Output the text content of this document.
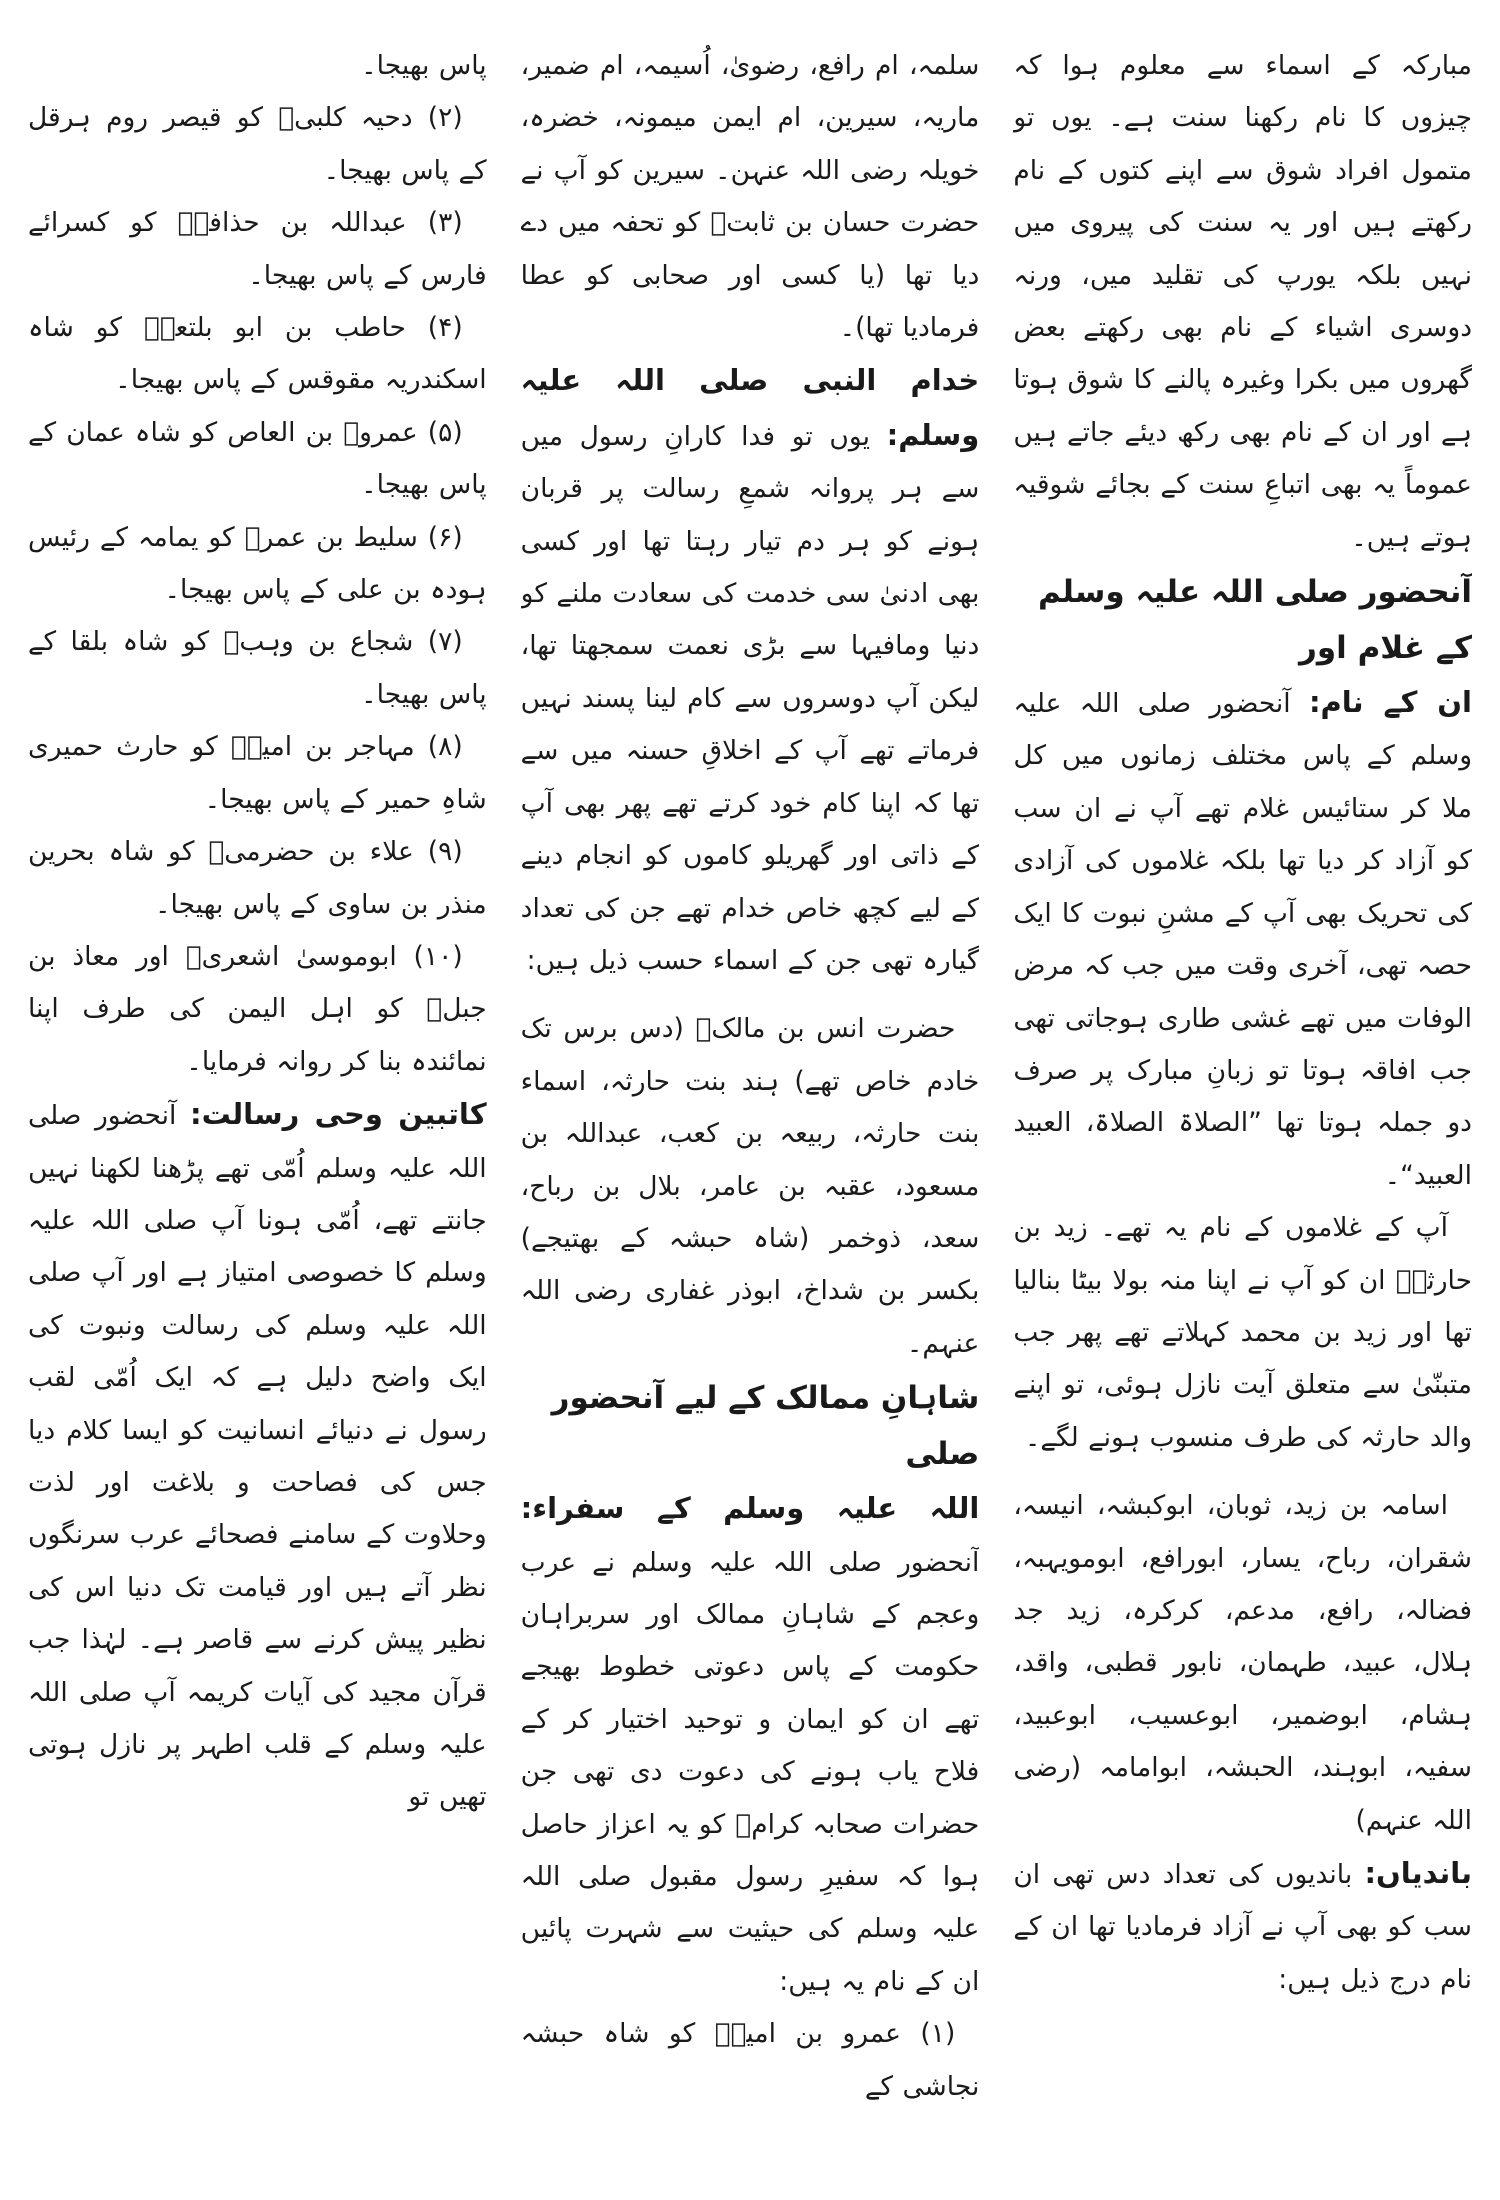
مبارکہ کے اسماء سے معلوم ہوا کہ چیزوں کا نام رکھنا سنت ہے۔ یوں تو متمول افراد شوق سے اپنے کتوں کے نام رکھتے ہیں اور یہ سنت کی پیروی میں نہیں بلکہ یورپ کی تقلید میں، ورنہ دوسری اشیاء کے نام بھی رکھتے بعض گھروں میں بکرا وغیرہ پالنے کا شوق ہوتا ہے اور ان کے نام بھی رکھ دیئے جاتے ہیں عموماً یہ بھی اتباعِ سنت کے بجائے شوقیہ ہوتے ہیں۔

آنحضور صلی اللہ علیہ وسلم کے غلام اور

ان کے نام: آنحضور صلی اللہ علیہ وسلم کے پاس مختلف زمانوں میں کل ملا کر ستائیس غلام تھے آپ نے ان سب کو آزاد کر دیا تھا بلکہ غلاموں کی آزادی کی تحریک بھی آپ کے مشنِ نبوت کا ایک حصہ تھی، آخری وقت میں جب کہ مرض الوفات میں تھے غشی طاری ہوجاتی تھی جب افاقہ ہوتا تو زبانِ مبارک پر صرف دو جملہ ہوتا تھا ”الصلاۃ الصلاۃ، العبید العبید“۔

آپ کے غلاموں کے نام یہ تھے۔ زید بن حارثہؓ ان کو آپ نے اپنا منہ بولا بیٹا بنالیا تھا اور زید بن محمد کہلاتے تھے پھر جب متبنّیٰ سے متعلق آیت نازل ہوئی، تو اپنے والد حارثہ کی طرف منسوب ہونے لگے۔

اسامہ بن زید، ثوبان، ابوکبشہ، انیسہ، شقران، رباح، یسار، ابورافع، ابومویہبہ، فضالہ، رافع، مدعم، کرکرہ، زید جد ہلال، عبید، طہمان، نابور قطبی، واقد، ہشام، ابوضمیر، ابوعسیب، ابوعبید، سفیہ، ابوہند، الحبشہ، ابوامامہ (رضی اللہ عنہم)

باندیاں: باندیوں کی تعداد دس تھی ان سب کو بھی آپ نے آزاد فرمادیا تھا ان کے نام درج ذیل ہیں:

سلمہ، ام رافع، رضویٰ، اُسیمہ، ام ضمیر، ماریہ، سیرین، ام ایمن میمونہ، خضرہ، خویلہ رضی اللہ عنہن۔ سیرین کو آپ نے حضرت حسان بن ثابتؓ کو تحفہ میں دے دیا تھا (یا کسی اور صحابی کو عطا فرمادیا تھا)۔

خدام النبی صلی اللہ علیہ وسلم: یوں تو فدا کارانِ رسول میں سے ہر پروانہ شمعِ رسالت پر قربان ہونے کو ہر دم تیار رہتا تھا اور کسی بھی ادنیٰ سی خدمت کی سعادت ملنے کو دنیا ومافیہا سے بڑی نعمت سمجھتا تھا، لیکن آپ دوسروں سے کام لینا پسند نہیں فرماتے تھے آپ کے اخلاقِ حسنہ میں سے تھا کہ اپنا کام خود کرتے تھے پھر بھی آپ کے ذاتی اور گھریلو کاموں کو انجام دینے کے لیے کچھ خاص خدام تھے جن کی تعداد گیارہ تھی جن کے اسماء حسب ذیل ہیں:

حضرت انس بن مالکؓ (دس برس تک خادم خاص تھے) ہند بنت حارثہ، اسماء بنت حارثہ، ربیعہ بن کعب، عبداللہ بن مسعود، عقبہ بن عامر، بلال بن رباح، سعد، ذوخمر (شاہ حبشہ کے بھتیجے) بکسر بن شداخ، ابوذر غفاری رضی اللہ عنہم۔

شاہانِ ممالک کے لیے آنحضور صلی

اللہ علیہ وسلم کے سفراء: آنحضور صلی اللہ علیہ وسلم نے عرب وعجم کے شاہانِ ممالک اور سربراہان حکومت کے پاس دعوتی خطوط بھیجے تھے ان کو ایمان و توحید اختیار کر کے فلاح یاب ہونے کی دعوت دی تھی جن حضرات صحابہ کرامؓ کو یہ اعزاز حاصل ہوا کہ سفیرِ رسول مقبول صلی اللہ علیہ وسلم کی حیثیت سے شہرت پائیں ان کے نام یہ ہیں:

(۱) عمرو بن امیہؓ کو شاہ حبشہ نجاشی کے

پاس بھیجا۔

(۲) دحیہ کلبیؓ کو قیصر روم ہرقل کے پاس بھیجا۔

(۳) عبداللہ بن حذافہؓ کو کسرائے فارس کے پاس بھیجا۔

(۴) حاطب بن ابو بلتعہؓ کو شاہ اسکندریہ مقوقس کے پاس بھیجا۔

(۵) عمروؓ بن العاص کو شاہ عمان کے پاس بھیجا۔

(۶) سلیط بن عمرؓ کو یمامہ کے رئیس ہودہ بن علی کے پاس بھیجا۔

(۷) شجاع بن وہبؓ کو شاہ بلقا کے پاس بھیجا۔

(۸) مہاجر بن امیہؓ کو حارث حمیری شاہِ حمیر کے پاس بھیجا۔

(۹) علاء بن حضرمیؓ کو شاہ بحرین منذر بن ساوی کے پاس بھیجا۔

(۱۰) ابوموسیٰ اشعریؓ اور معاذ بن جبلؓ کو اہل الیمن کی طرف اپنا نمائندہ بنا کر روانہ فرمایا۔

کاتبین وحی رسالت: آنحضور صلی اللہ علیہ وسلم اُمّی تھے پڑھنا لکھنا نہیں جانتے تھے، اُمّی ہونا آپ صلی اللہ علیہ وسلم کا خصوصی امتیاز ہے اور آپ صلی اللہ علیہ وسلم کی رسالت ونبوت کی ایک واضح دلیل ہے کہ ایک اُمّی لقب رسول نے دنیائے انسانیت کو ایسا کلام دیا جس کی فصاحت و بلاغت اور لذت وحلاوت کے سامنے فصحائے عرب سرنگوں نظر آتے ہیں اور قیامت تک دنیا اس کی نظیر پیش کرنے سے قاصر ہے۔ لہٰذا جب قرآن مجید کی آیات کریمہ آپ صلی اللہ علیہ وسلم کے قلب اطہر پر نازل ہوتی تھیں تو
